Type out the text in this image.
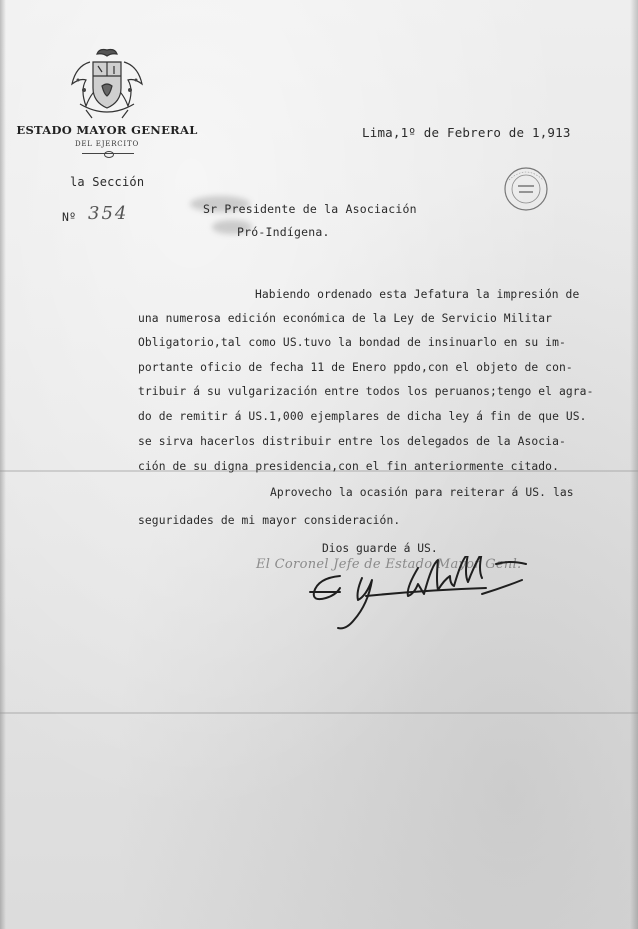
ESTADO MAYOR GENERAL
DEL EJERCITO
la Sección
Nº 354
Lima,1º de Febrero de 1,913
Sr Presidente de la Asociación
Pró-Indígena.
Habiendo ordenado esta Jefatura la impresión de
una numerosa edición económica de la Ley de Servicio Militar
Obligatorio,tal como US.tuvo la bondad de insinuarlo en su im-
portante oficio de fecha 11 de Enero ppdo,con el objeto de con-
tribuir á su vulgarización entre todos los peruanos;tengo el agra-
do de remitir á US.1,000 ejemplares de dicha ley á fin de que US.
se sirva hacerlos distribuir entre los delegados de la Asocia-
ción de su digna presidencia,con el fin anteriormente citado.
Aprovecho la ocasión para reiterar á US. las
seguridades de mi mayor consideración.
Dios guarde á US.
El Coronel Jefe de Estado Mayor Genl.
